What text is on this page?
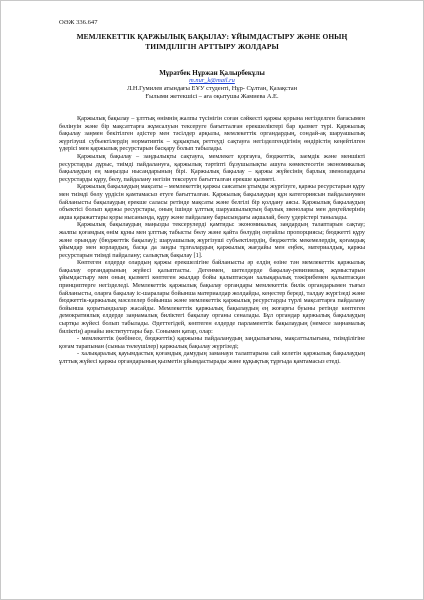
ОӘЖ 336.647
МЕМЛЕКЕТТІК ҚАРЖЫЛЫҚ БАҚЫЛАУ: ҰЙЫМДАСТЫРУ ЖӘНЕ ОНЫҢ ТИІМДІЛІГІН АРТТЫРУ ЖОЛДАРЫ
Мұратбек Нұржан Қалырбекұлы
m.nur_k@mail.ru
Л.Н.Гумилев атындағы ЕҰУ студенті, Нұр- Сұлтан, Қазақстан
Ғылыми жетекшісі – аға оқытушы Жамиева А.Е.

Қаржылық бақылау – ұлттық өнімнің жалпы түсінігін соған сәйкесті қаржы қорына негізделген бағасымен бөлінуін және бір мақсаттарға жұмсалуын тексеруге бағытталған ерекшеліктері бар қызмет түрі. Қаржылық бақылау заңмен бекітілген әдістер мен тәсілдер арқылы, мемлекеттік органдардың, сондай-ақ шаруашылық жүргізуші субъектілердің нормативтік – құқықтық реттеуді сақтауға негізделгендігінің өндірістің кеңейтілген үдерісі мен қаржылық ресурстарын басқару болып табылады.

Қаржылық бақылау – заңдылықты сақтауға, мемлекет қоргауға, бюджеттік, заемдік және меншікті ресурстарды дұрыс, тиімді пайдалануға, қаржылық тәртіпті бұзушылықты ашуға көмектесетін экономикалық бақылаудың ең маңызды нысандарының бірі. Қаржылық бақылау – қаржы жүйесінің барлық звенолардағы ресурстарды құру, бөлу, пайдалану негізін тексеруге бағытталған ерекше қызметі.

Қаржылық бақылаудың мақсаты – мемлекеттің қаржы саясатын ұтымды жүргізуге, қаржы ресурстарын құру мен тиімді бөлу үрдісін қамтамасыз етуге бағытталған. Қаржылық бақылаудың құн категориясын пайдаланумен байланысты бақылаудың ерекше саласы ретінде мақсаты және белгілі бір қолдану аясы. Қаржылық бақылаудың объектісі болып қаржы ресурстары, оның ішінде ұлттық шаруашылықтың барлық звенолары мен деңгейлерінің ақша қаражаттары қоры нысанында, құру және пайдалану барысындағы ақшалай, бөлу үдерістері танылады.

Қаржылық бақылаудың маңызды тексерулерді қамтиды: экономикалық заңдардың талаптарын сақтау; жалпы қоғамдық өнім құны мен ұлттық табысты бөлу және қайта бөлудің оңтайлы пропорциясы; бюджетті құру және орындау (бюджеттік бақылау); шаруашылық жүргізуші субъектілердің, бюджеттік мекемелердің, қоғамдық ұйымдар мен корлардың, басқа да заңды тұлғалардың қаржылық жағдайы мен еңбек, материалдық, қаржы ресурстарын тиімді пайдалану; салықтық бақылау [1].

Көптеген елдерде олардың қаржы ерекшелігіне байланысты әр елдің өзіне тән мемлекеттік қаржылық бақылау органдарының жүйесі қалыптасты. Дегенмен, шетелдерде бақылау-ревизиялық жұмыстарын ұйымдастыру мен оның қызметі көптеген жылдар бойы қалыптасқан халықаралық тәжірибемен қалыптасқан принциптерге негізделеді. Мемлекеттік қаржылық бақылау органдары мемлекеттік билік органдарымен тығыз байланысты, оларға бақылау іс-шаралары бойынша материалдар жолдайды, кеңестер береді, талдау жүргізеді және бюджеттік-қаржылық мәселелер бойынша және мемлекеттік қаржылық ресурстарды түрлі мақсаттарға пайдалану бойынша қорытындылар жасайды. Мемлекеттік қаржылық бақылаудың ең жоғарғы буыны ретінде көптеген демократиялық елдерде заңнамалық биліктегі бақылау органы сеналады. Бұл органдар қаржылық бақылаудың сыртқы жүйесі болып табылады. Әдеттегідей, көптеген елдерде парламенттік бақылаудың (немесе заңнамалық биліктің) арнайы институттары бар. Сонымен қатар, олар:

- мемлекеттік (көбінесе, бюджеттік) қаржыны пайдаланудың заңдылығына, мақсаттылығына, тиімділігіне қоғам тарапынан (сыныа төлеушілер) қаржылық бақылау жүргізеді;

- халықаралық қауымдастық қоғамдық дамудың заманауи талаптарына сай келетін қаржылық бақылаудың ұлттық жүйесі қаржы органдарының қызметін ұйымдастырады және құқықтық тұрғыда қамтамасыз етеді.
